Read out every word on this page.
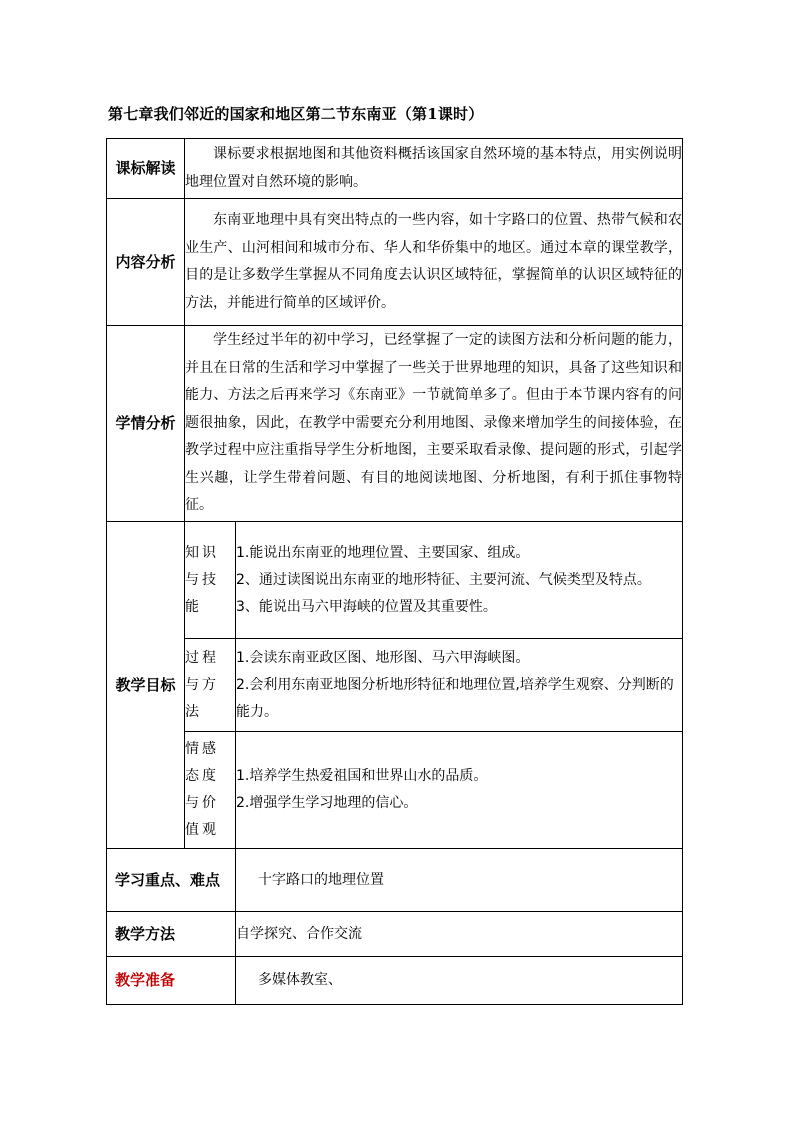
第七章我们邻近的国家和地区第二节东南亚（第1课时）
课标解读	课标要求根据地图和其他资料概括该国家自然环境的基本特点，用实例说明地理位置对自然环境的影响。	
内容分析	东南亚地理中具有突出特点的一些内容，如十字路口的位置、热带气候和农业生产、山河相间和城市分布、华人和华侨集中的地区。通过本章的课堂教学，目的是让多数学生掌握从不同角度去认识区域特征，掌握简单的认识区域特征的方法，并能进行简单的区域评价。	
学情分析	学生经过半年的初中学习，已经掌握了一定的读图方法和分析问题的能力，并且在日常的生活和学习中掌握了一些关于世界地理的知识，具备了这些知识和能力、方法之后再来学习《东南亚》一节就简单多了。但由于本节课内容有的问题很抽象，因此，在教学中需要充分利用地图、录像来增加学生的间接体验，在教学过程中应注重指导学生分析地图，主要采取看录像、提问题的形式，引起学生兴趣，让学生带着问题、有目的地阅读地图、分析地图，有利于抓住事物特征。	
教学目标	知识与技能	1.能说出东南亚的地理位置、主要国家、组成。
2、通过读图说出东南亚的地形特征、主要河流、气候类型及特点。
3、能说出马六甲海峡的位置及其重要性。

	过程与方法	1.会读东南亚政区图、地形图、马六甲海峡图。
2.会利用东南亚地图分析地形特征和地理位置,培养学生观察、分判断的能力。

	情感态度与价值观	1.培养学生热爱祖国和世界山水的品质。
2.增强学生学习地理的信心。

学习重点、难点		十字路口的地理位置
教学方法		自学探究、合作交流
教学准备		多媒体教室、
